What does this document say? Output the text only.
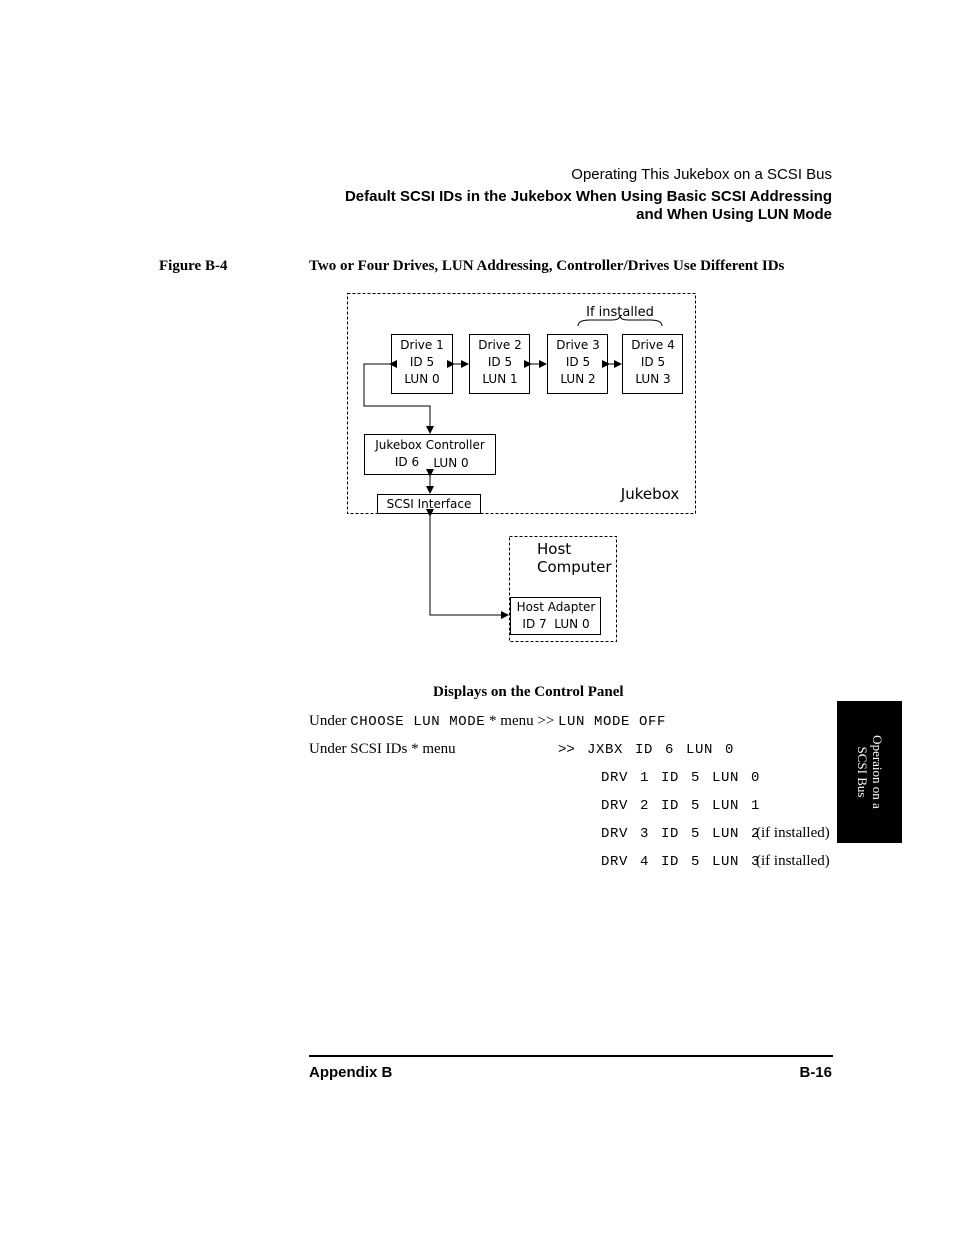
Operating This Jukebox on a SCSI Bus
Default SCSI IDs in the Jukebox When Using Basic SCSI Addressing
and When Using LUN Mode
Figure B-4	Two or Four Drives, LUN Addressing, Controller/Drives Use Different IDs
If installed
Drive 1
ID 5
LUN 0
Drive 2
ID 5
LUN 1
Drive 3
ID 5
LUN 2
Drive 4
ID 5
LUN 3
Jukebox Controller
ID 6 LUN 0
SCSI Interface
Jukebox
Host
Computer
Host Adapter
ID 7  LUN 0
Displays on the Control Panel
Under CHOOSE LUN MODE * menu >> LUN MODE OFF
Under SCSI IDs * menu	>> JXBX ID 6 LUN 0
DRV 1 ID 5 LUN 0
DRV 2 ID 5 LUN 1
DRV 3 ID 5 LUN 2
(if installed)
DRV 4 ID 5 LUN 3
(if installed)
Operaion on a
SCSI Bus
Appendix B	B-16
